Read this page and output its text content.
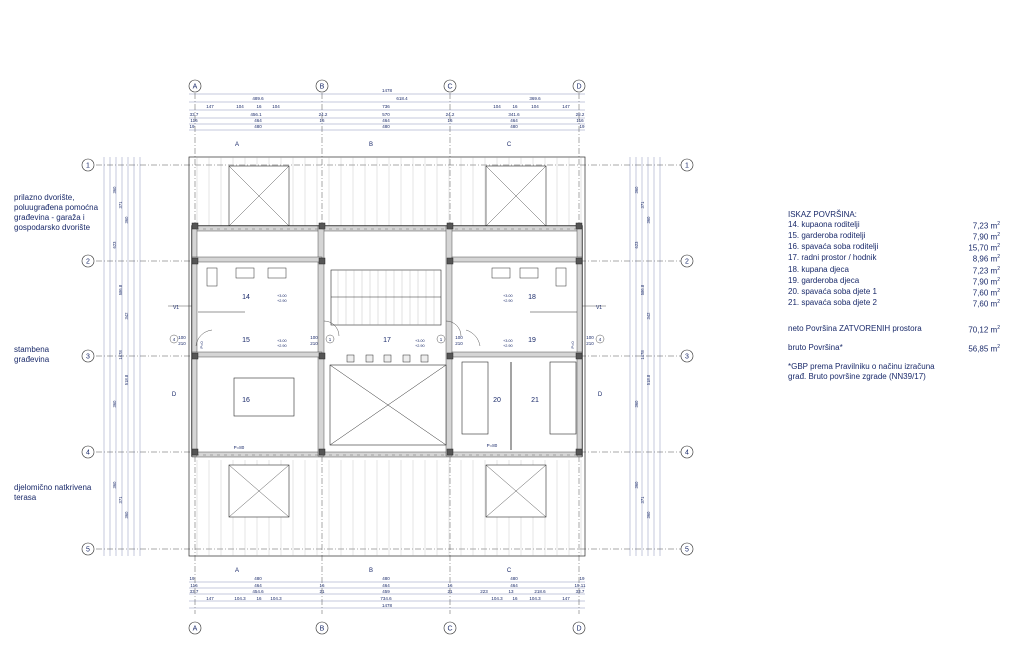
A
A
B
B
C
C
D
D
1	1
2	2
3	3
4	4
5	5
1478
489.6	618.4	369.6
147	104	16 104	736	104	16	104	147
33.7	456.1	24.2	570	24.2	341.6	28.2
116	464	16	464	16	464	116
19	480	480	480	19
19	480	480	480	19
116	464	16	464	16	464	19.11
33.7	454.6	21	459	21	223	13	218.6	33.7
147	104.3 16 104.3	734.6	104.3 16	104.3	147
1478
360	360
371	371
360	360
623	623
586.8	586.8
342	342
360	360
1478	1478
518.8	518.8
360	360
371	371
360	360
A	B	C
A	B	C
D	D
V1	V1
14
15
16
17
18
19
20	21
+3.00
+2.90
+3.00
+2.90
+3.00
+2.90
+3.00
+2.90
+3.00
+2.90
100
210
100
210
100
210
100
210
P=80	P=80
P=0	P=0
1	1
4	4
prilazno dvorište,
poluugrađena pomoćna
građevina - garaža i
gospodarsko dvorište
stambena
građevina
djelomično natkrivena
terasa
ISKAZ POVRŠINA:
14. kupaona roditelji	7,23 $m^2$
15. garderoba roditelji	7,90 $m^2$
16. spavaća soba roditelji	15,70 $m^2$
17. radni prostor / hodnik	8,96 $m^2$
18. kupana djeca	7,23 $m^2$
19. garderoba djeca	7,90 $m^2$
20. spavaća soba djete 1	7,60 $m^2$
21. spavaća soba djete 2	7,60 $m^2$
neto Površina ZATVORENIH prostora	70,12 $m^2$
bruto Površina*	56,85 $m^2$
*GBP prema Pravilniku o načinu izračuna
građ. Bruto površine zgrade (NN39/17)
